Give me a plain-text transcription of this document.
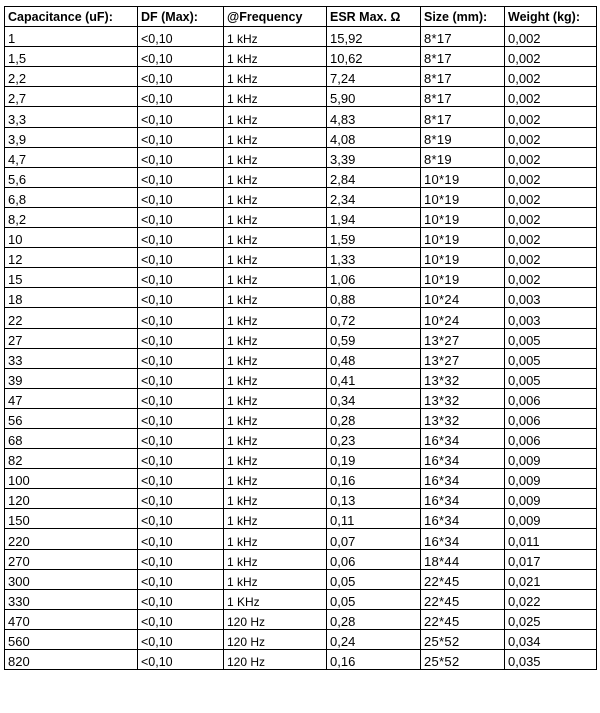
Capacitance (uF):	DF (Max):	@Frequency	ESR Max. Ω	Size (mm):	Weight (kg):
1	<0,10	1 kHz	15,92	8*17	0,002
1,5	<0,10	1 kHz	10,62	8*17	0,002
2,2	<0,10	1 kHz	7,24	8*17	0,002
2,7	<0,10	1 kHz	5,90	8*17	0,002
3,3	<0,10	1 kHz	4,83	8*17	0,002
3,9	<0,10	1 kHz	4,08	8*19	0,002
4,7	<0,10	1 kHz	3,39	8*19	0,002
5,6	<0,10	1 kHz	2,84	10*19	0,002
6,8	<0,10	1 kHz	2,34	10*19	0,002
8,2	<0,10	1 kHz	1,94	10*19	0,002
10	<0,10	1 kHz	1,59	10*19	0,002
12	<0,10	1 kHz	1,33	10*19	0,002
15	<0,10	1 kHz	1,06	10*19	0,002
18	<0,10	1 kHz	0,88	10*24	0,003
22	<0,10	1 kHz	0,72	10*24	0,003
27	<0,10	1 kHz	0,59	13*27	0,005
33	<0,10	1 kHz	0,48	13*27	0,005
39	<0,10	1 kHz	0,41	13*32	0,005
47	<0,10	1 kHz	0,34	13*32	0,006
56	<0,10	1 kHz	0,28	13*32	0,006
68	<0,10	1 kHz	0,23	16*34	0,006
82	<0,10	1 kHz	0,19	16*34	0,009
100	<0,10	1 kHz	0,16	16*34	0,009
120	<0,10	1 kHz	0,13	16*34	0,009
150	<0,10	1 kHz	0,11	16*34	0,009
220	<0,10	1 kHz	0,07	16*34	0,011
270	<0,10	1 kHz	0,06	18*44	0,017
300	<0,10	1 kHz	0,05	22*45	0,021
330	<0,10	1 KHz	0,05	22*45	0,022
470	<0,10	120 Hz	0,28	22*45	0,025
560	<0,10	120 Hz	0,24	25*52	0,034
820	<0,10	120 Hz	0,16	25*52	0,035
